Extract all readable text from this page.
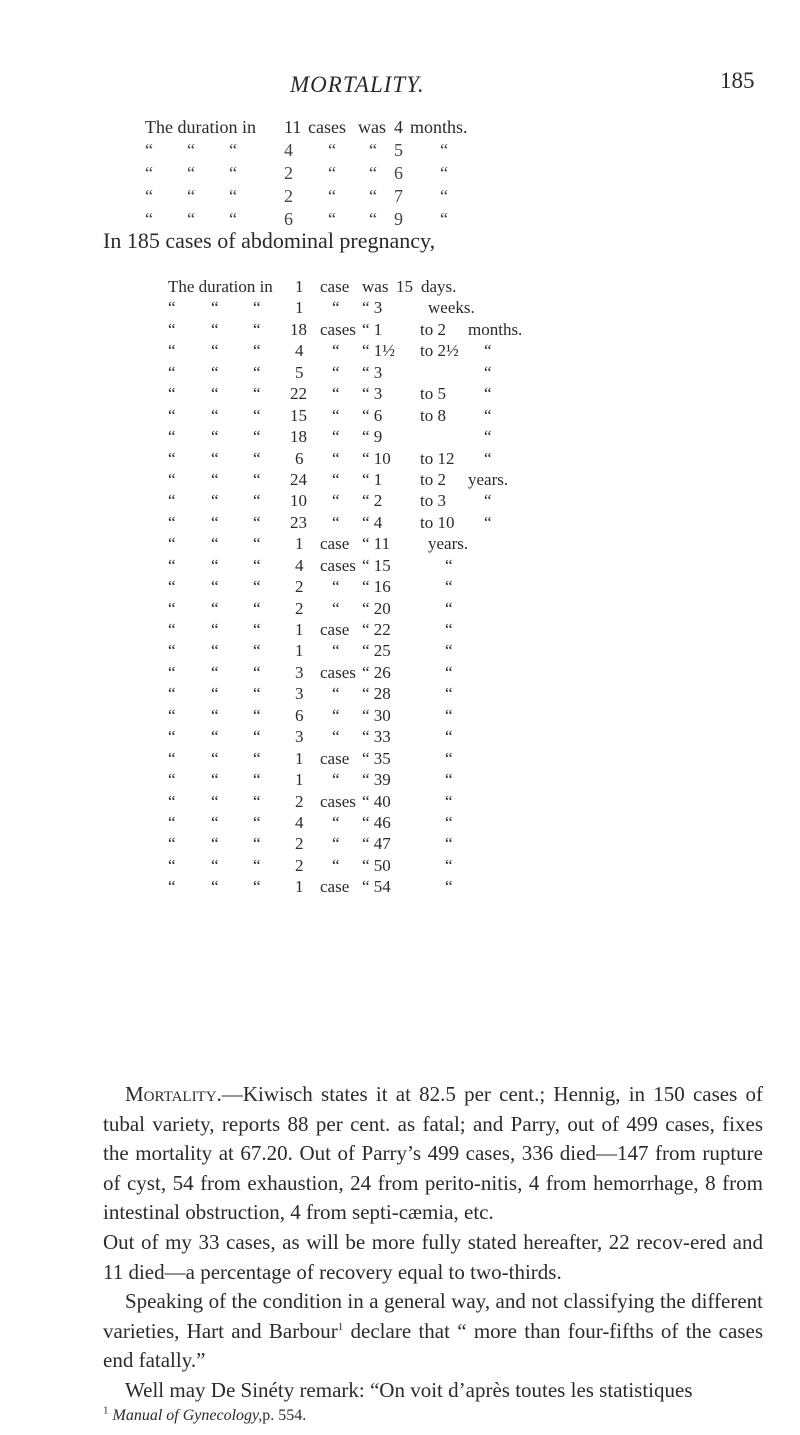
MORTALITY.	185
The duration in 11 cases was 4 months.
“ “ “	4 “ “ 5 “
“ “ “	2 “ “ 6 “
“ “ “	2 “ “ 7 “
“ “ “	6 “ “ 9 “
In 185 cases of abdominal pregnancy,
The duration in 1 case was 15 days.
“ “ “ 1 “ “ 3	weeks.
“ “ “ 18 cases “ 1 to 2 months.
“ “ “ 4 “ “ 1½ to 2½ “
“ “ “ 5 “ “ 3	“
“ “ “ 22 “ “ 3 to 5 “
“ “ “ 15 “ “ 6 to 8 “
“ “ “ 18 “ “ 9	“
“ “ “ 6 “ “ 10 to 12 “
“ “ “ 24 “ “ 1 to 2 years.
“ “ “ 10 “ “ 2 to 3 “
“ “ “ 23 “ “ 4 to 10 “
“ “ “ 1 case “ 11 years.
“ “ “ 4 cases “ 15	“
“ “ “ 2 “ “ 16	“
“ “ “ 2 “ “ 20	“
“ “ “ 1 case “ 22	“
“ “ “ 1 “ “ 25	“
“ “ “ 3 cases “ 26	“
“ “ “ 3 “ “ 28	“
“ “ “ 6 “ “ 30	“
“ “ “ 3 “ “ 33	“
“ “ “ 1 case “ 35	“
“ “ “ 1 “ “ 39	“
“ “ “ 2 cases “ 40	“
“ “ “ 4 “ “ 46	“
“ “ “ 2 “ “ 47	“
“ “ “ 2 “ “ 50	“
“ “ “ 1 case “ 54	“

Mortality.—Kiwisch states it at 82.5 per cent.; Hennig, in 150 cases of tubal variety, reports 88 per cent. as fatal; and Parry, out of 499 cases, fixes the mortality at 67.20. Out of Parry’s 499 cases, 336 died—147 from rupture of cyst, 54 from exhaustion, 24 from perito-nitis, 4 from hemorrhage, 8 from intestinal obstruction, 4 from septi-cæmia, etc.

Out of my 33 cases, as will be more fully stated hereafter, 22 recov-ered and 11 died—a percentage of recovery equal to two-thirds.

Speaking of the condition in a general way, and not classifying the different varieties, Hart and Barbour$^1$ declare that “ more than four-fifths of the cases end fatally.”

Well may De Sinéty remark: “On voit d’après toutes les statistiques

$^1$ Manual of Gynecology,p. 554.
